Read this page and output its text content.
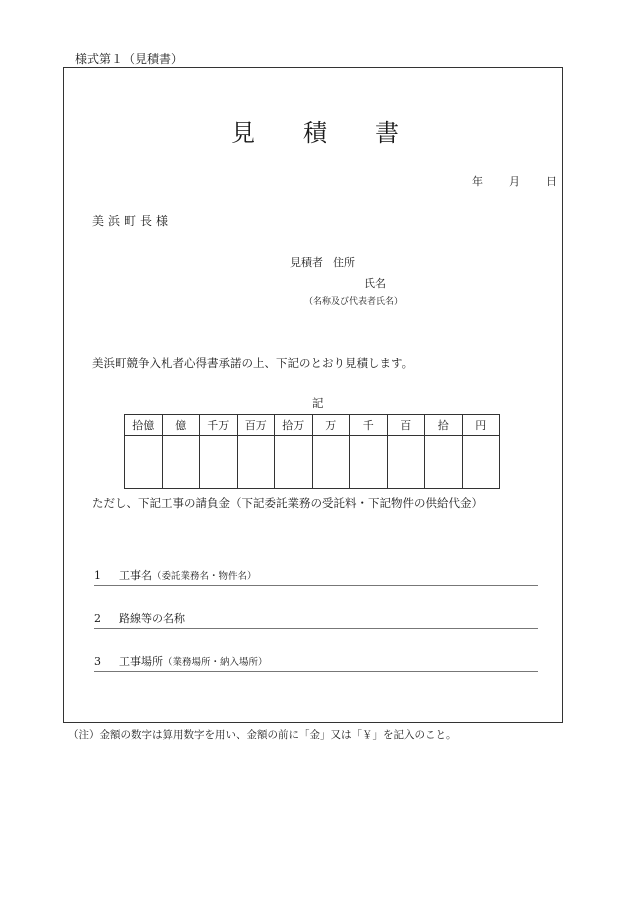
様式第１（見積書）
見 積 書
年 月 日
美浜町長様
見積者 住所
氏名
（名称及び代表者氏名）
美浜町競争入札者心得書承諾の上、下記のとおり見積します。
記
拾億	億	千万	百万	拾万	万	千	百	拾	円

ただし、下記工事の請負金（下記委託業務の受託料・下記物件の供給代金）
1 工事名（委託業務名・物件名）
2 路線等の名称
3 工事場所（業務場所・納入場所）
（注）金額の数字は算用数字を用い、金額の前に「金」又は「￥」を記入のこと。
